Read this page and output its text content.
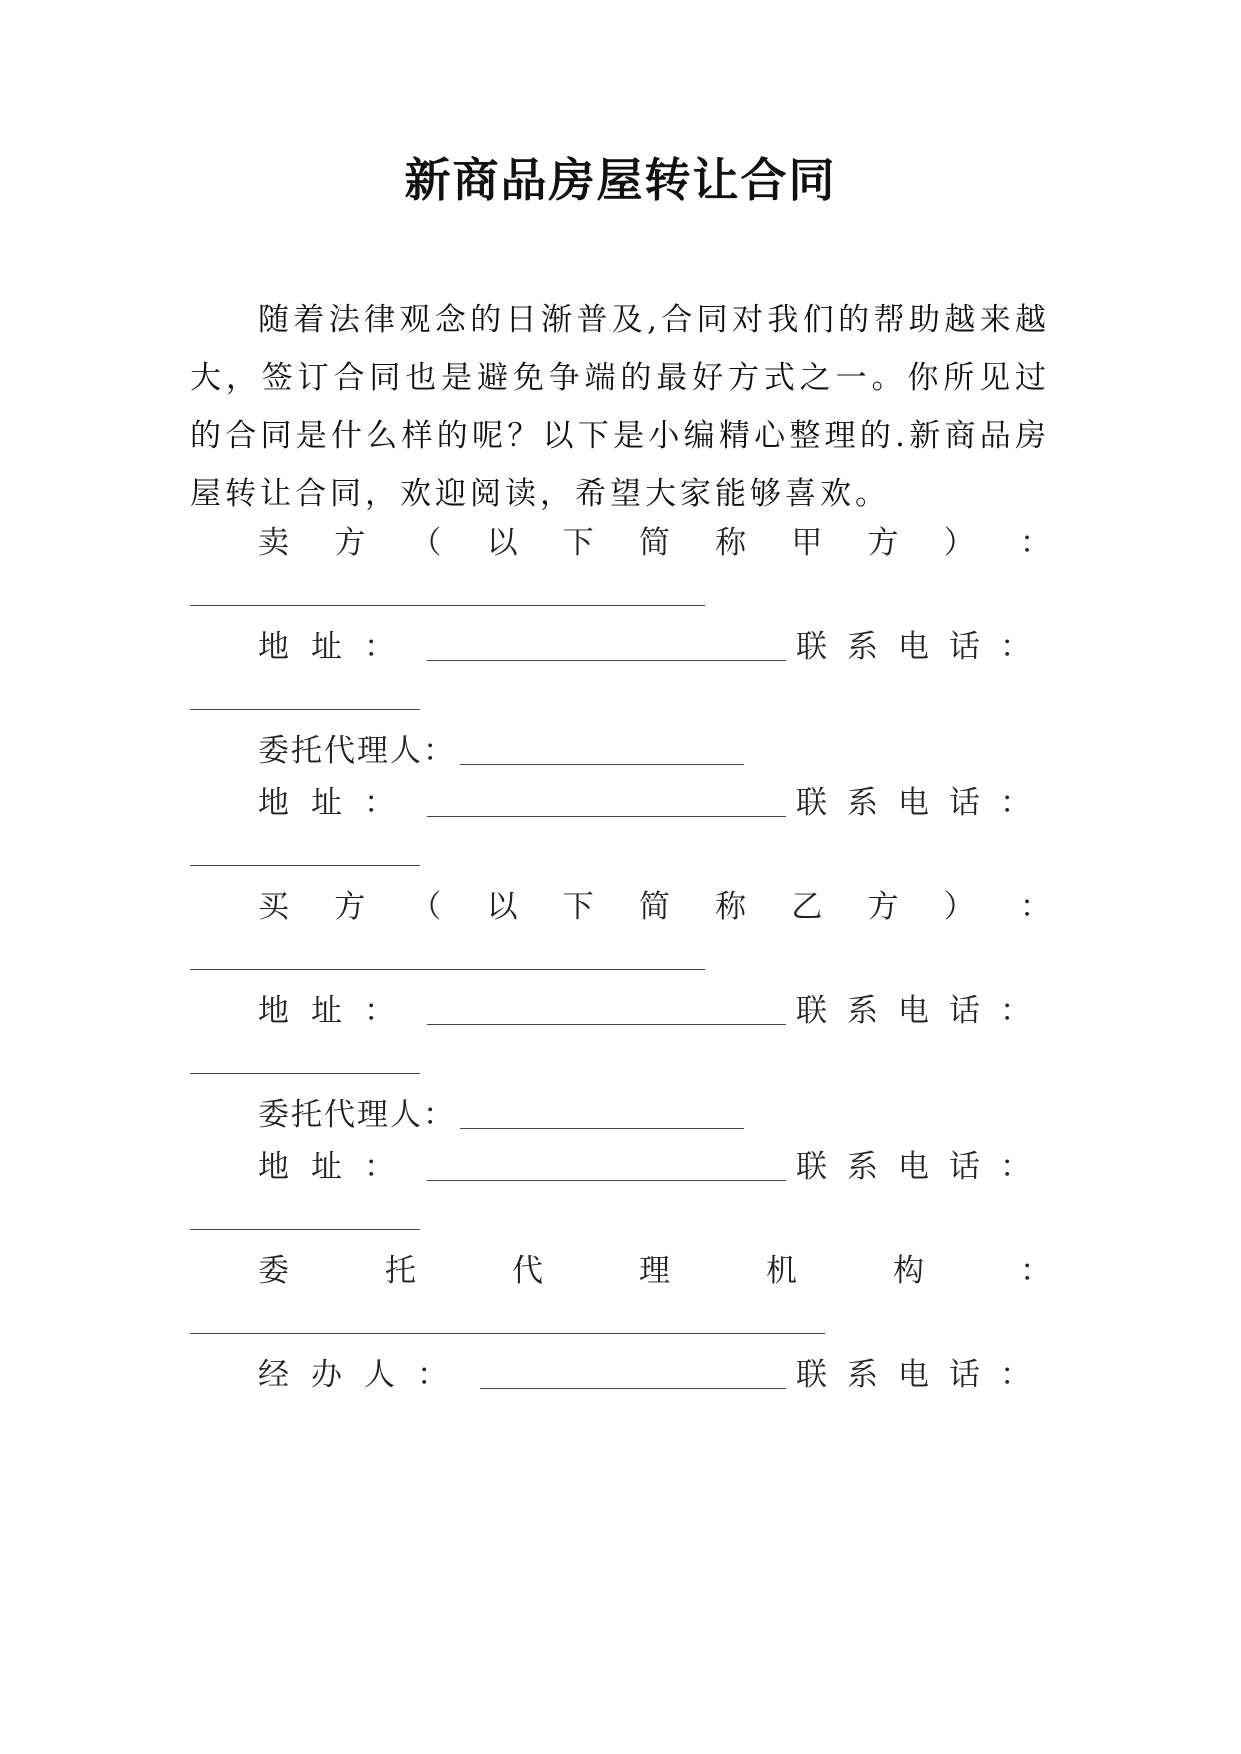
新商品房屋转让合同

随着法律观念的日渐普及,合同对我们的帮助越来越大，签订合同也是避免争端的最好方式之一。你所见过的合同是什么样的呢？以下是小编精心整理的.新商品房屋转让合同，欢迎阅读，希望大家能够喜欢。

卖 方 （ 以 下 简 称 甲 方 ） ：
地址：	联系电话：
委托代理人：
地址：	联系电话：
买 方 （ 以 下 简 称 乙 方 ） ：
地址：	联系电话：
委托代理人：
地址：	联系电话：
委	托	代	理	机	构	：
经办人：	联系电话：
